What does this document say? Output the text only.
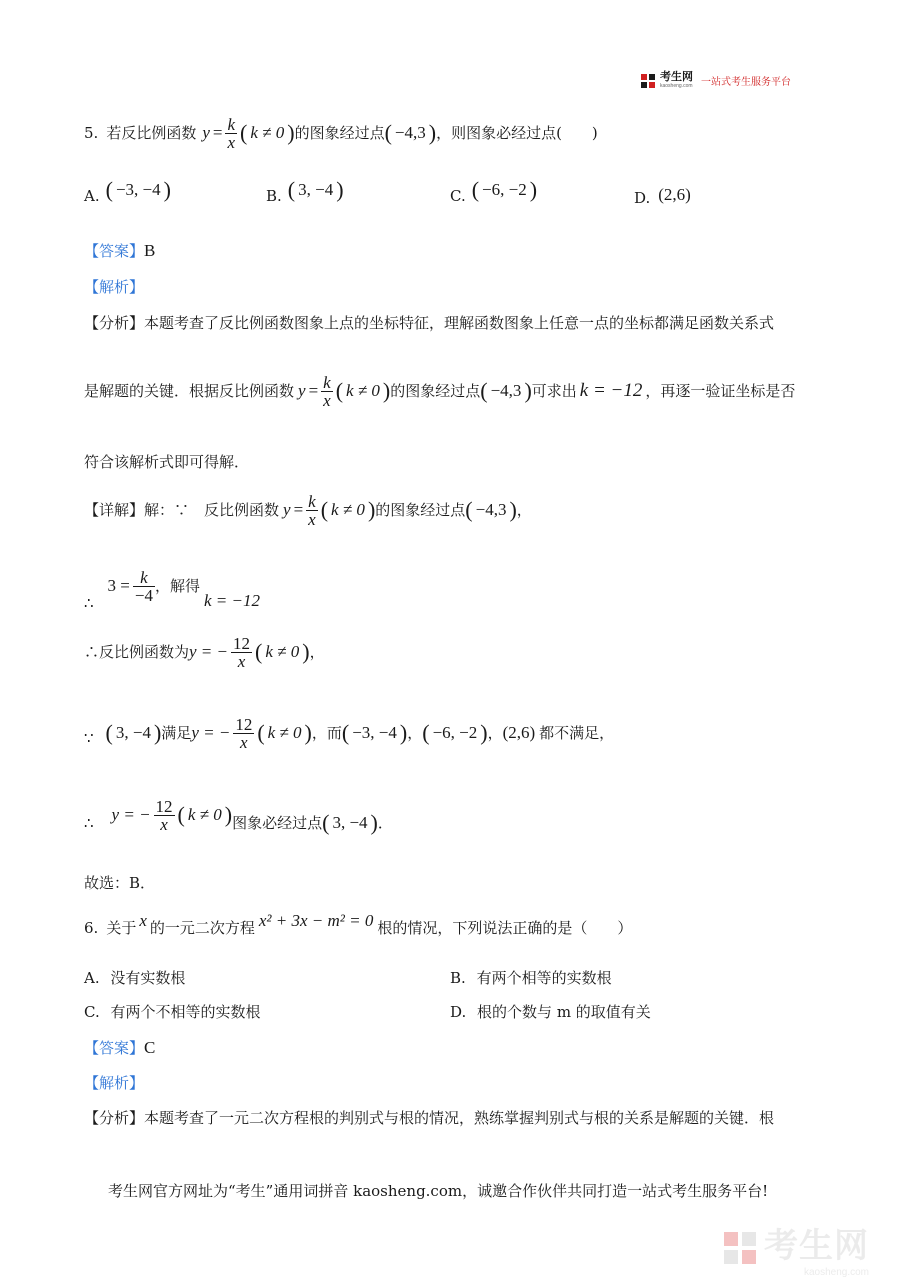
考生网
kaosheng.com 一站式考生服务平台
5. 若反比例函数 $y = \frac{k}{x}$ ( k ≠ 0 ) 的图象经过点 ( −4,3 ) ，则图象必经过点(　　)
A. ( −3, −4 )	B. ( 3, −4 )	C. ( −6, −2 )	D. (2,6)
【答案】B
【解析】
【分析】本题考查了反比例函数图象上点的坐标特征，理解函数图象上任意一点的坐标都满足函数关系式
是解题的关键．根据反比例函数 $y = \frac{k}{x}$ ( k ≠ 0 ) 的图象经过点 ( −4,3 ) 可求出 k = −12 ，再逐一验证坐标是否
符合该解析式即可得解．
【详解】 解：∵　反比例函数 $y = \frac{k}{x}$ ( k ≠ 0 ) 的图象经过点 ( −4,3 ) ，
∴
$3 = \frac{k}{-4}$ ，解得
k = −12
∴反比例函数为 y = − $\frac{12}{x}$ ( k ≠ 0 ) ，
∵ ( 3, −4 ) 满足 y = − $\frac{12}{x}$ ( k ≠ 0 ) ，而 ( −3, −4 ) ， ( −6, −2 ) ， (2,6) 都不满足，
∴ y = − $\frac{12}{x}$ ( k ≠ 0 ) 图象必经过点 ( 3, −4 ) ．
故选：B．
6. 关于 x 的一元二次方程 x² + 3x − m² = 0 根的情况，下列说法正确的是（　　）
A. 没有实数根	B. 有两个相等的实数根
C. 有两个不相等的实数根	D. 根的个数与 m 的取值有关
【答案】C
【解析】
【分析】本题考查了一元二次方程根的判别式与根的情况，熟练掌握判别式与根的关系是解题的关键．根
考生网官方网址为“考生”通用词拼音 kaosheng.com，诚邀合作伙伴共同打造一站式考生服务平台!
考生网
kaosheng.com
